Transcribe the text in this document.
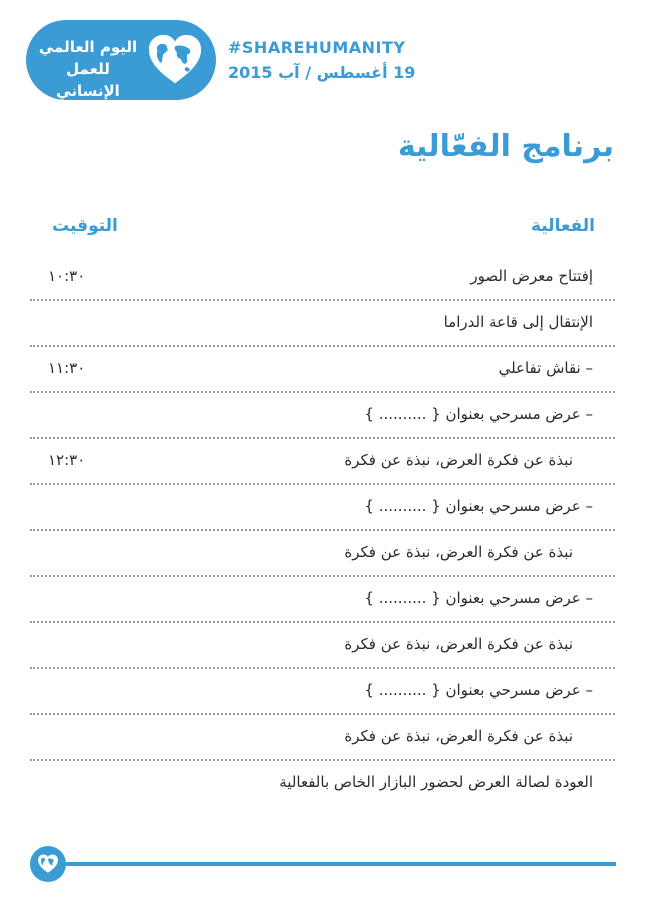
اليوم العالمي
للعمل الإنساني
#SHAREHUMANITY
19 أغسطس / آب 2015
برنامج الفعّالية
الفعالية
التوقيت
إفتتاح معرض الصور
١٠:٣٠
الإنتقال إلى قاعة الدراما
– نقاش تفاعلي
١١:٣٠
– عرض مسرحي بعنوان { .......... }
نبذة عن فكرة العرض، نبذة عن فكرة
١٢:٣٠
– عرض مسرحي بعنوان { .......... }
نبذة عن فكرة العرض، نبذة عن فكرة
– عرض مسرحي بعنوان { .......... }
نبذة عن فكرة العرض، نبذة عن فكرة
– عرض مسرحي بعنوان { .......... }
نبذة عن فكرة العرض، نبذة عن فكرة
العودة لصالة العرض لحضور البازار الخاص بالفعالية
